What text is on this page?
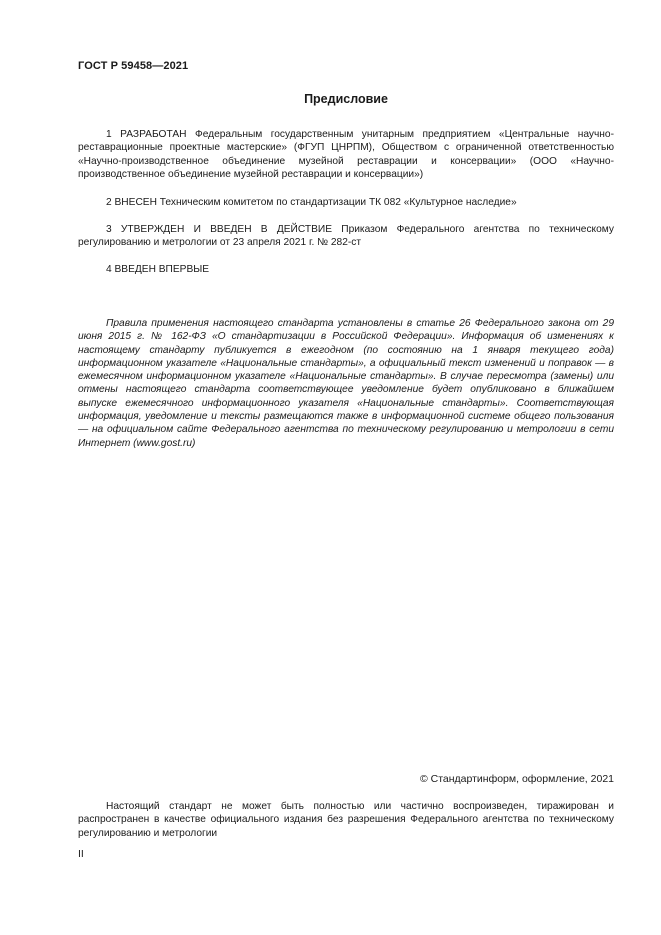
ГОСТ Р 59458—2021
Предисловие
1 РАЗРАБОТАН Федеральным государственным унитарным предприятием «Центральные научно-реставрационные проектные мастерские» (ФГУП ЦНРПМ), Обществом с ограниченной ответственностью «Научно-производственное объединение музейной реставрации и консервации» (ООО «Научно-производственное объединение музейной реставрации и консервации»)
2 ВНЕСЕН Техническим комитетом по стандартизации ТК 082 «Культурное наследие»
3 УТВЕРЖДЕН И ВВЕДЕН В ДЕЙСТВИЕ Приказом Федерального агентства по техническому регулированию и метрологии от 23 апреля 2021 г. № 282-ст
4 ВВЕДЕН ВПЕРВЫЕ
Правила применения настоящего стандарта установлены в статье 26 Федерального закона от 29 июня 2015 г. № 162-ФЗ «О стандартизации в Российской Федерации». Информация об изменениях к настоящему стандарту публикуется в ежегодном (по состоянию на 1 января текущего года) информационном указателе «Национальные стандарты», а официальный текст изменений и поправок — в ежемесячном информационном указателе «Национальные стандарты». В случае пересмотра (замены) или отмены настоящего стандарта соответствующее уведомление будет опубликовано в ближайшем выпуске ежемесячного информационного указателя «Национальные стандарты». Соответствующая информация, уведомление и тексты размещаются также в информационной системе общего пользования — на официальном сайте Федерального агентства по техническому регулированию и метрологии в сети Интернет (www.gost.ru)
© Стандартинформ, оформление, 2021
Настоящий стандарт не может быть полностью или частично воспроизведен, тиражирован и распространен в качестве официального издания без разрешения Федерального агентства по техническому регулированию и метрологии
II
